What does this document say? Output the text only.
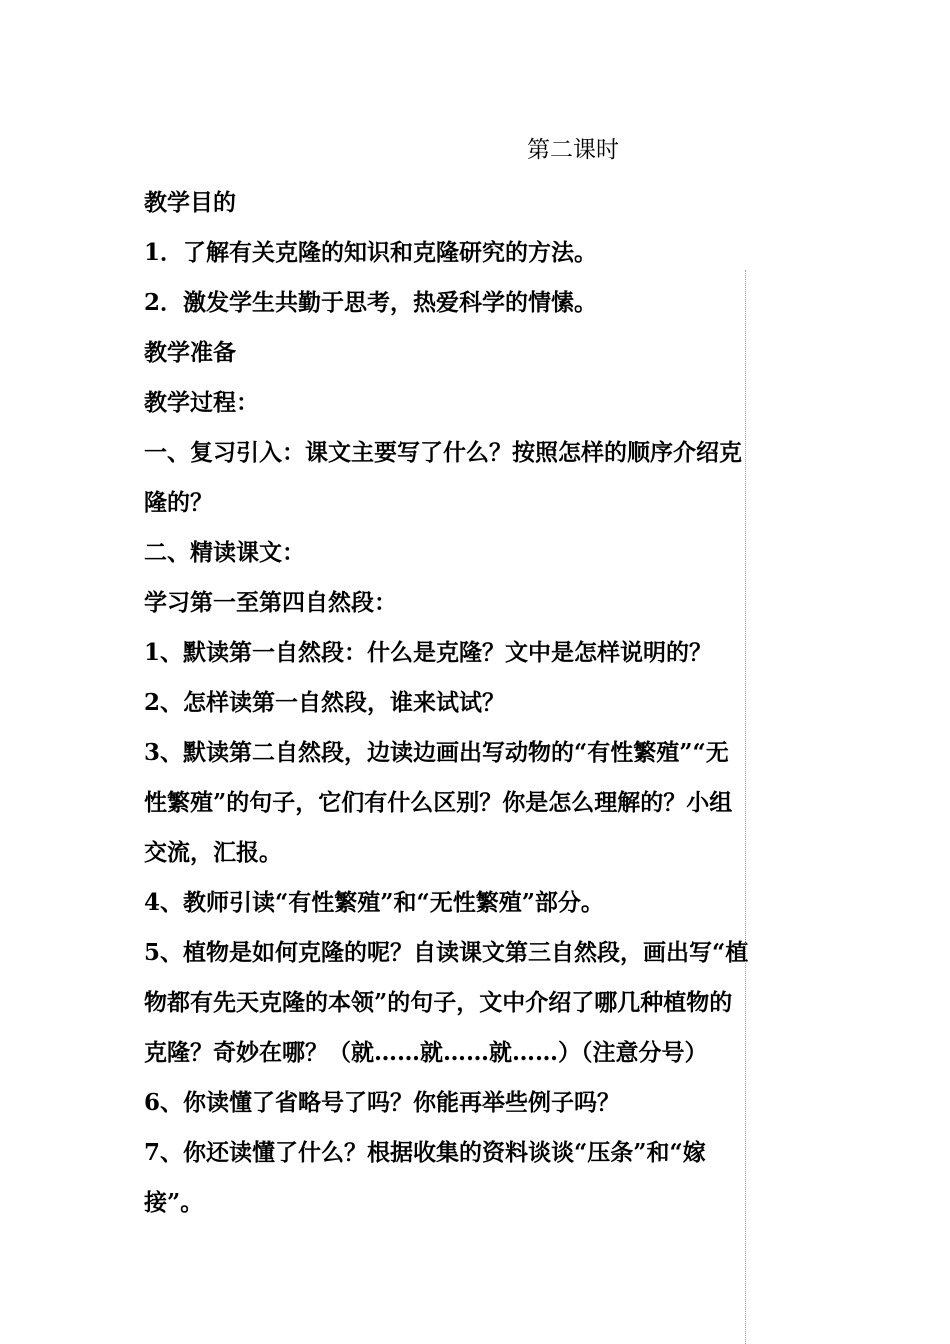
第二课时
教学目的
1．了解有关克隆的知识和克隆研究的方法。
2．激发学生共勤于思考，热爱科学的情愫。
教学准备
教学过程：
一、复习引入：课文主要写了什么？按照怎样的顺序介绍克
隆的？
二、精读课文：
学习第一至第四自然段：
1、默读第一自然段：什么是克隆？文中是怎样说明的？
2、怎样读第一自然段，谁来试试？
3、默读第二自然段，边读边画出写动物的“有性繁殖”“无
性繁殖”的句子，它们有什么区别？你是怎么理解的？小组
交流，汇报。
4、教师引读“有性繁殖”和“无性繁殖”部分。
5、植物是如何克隆的呢？自读课文第三自然段，画出写“植
物都有先天克隆的本领”的句子，文中介绍了哪几种植物的
克隆？奇妙在哪？（就……就……就……）（注意分号）
6、你读懂了省略号了吗？你能再举些例子吗？
7、你还读懂了什么？根据收集的资料谈谈“压条”和“嫁
接”。
